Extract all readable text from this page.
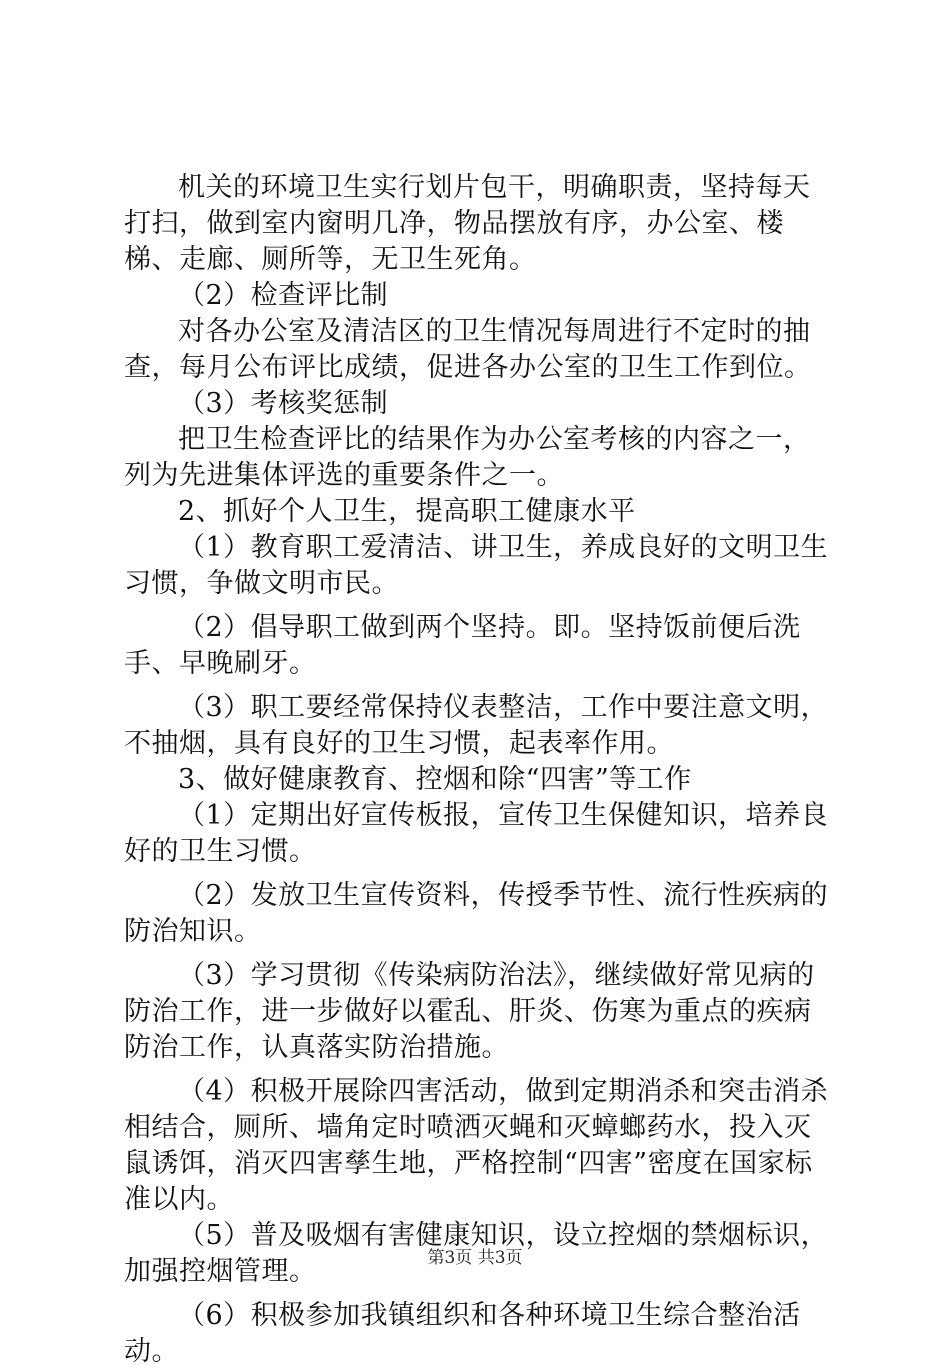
机关的环境卫生实行划片包干，明确职责，坚持每天打扫，做到室内窗明几净，物品摆放有序，办公室、楼梯、走廊、厕所等，无卫生死角。

（2）检查评比制

对各办公室及清洁区的卫生情况每周进行不定时的抽查，每月公布评比成绩，促进各办公室的卫生工作到位。

（3）考核奖惩制

把卫生检查评比的结果作为办公室考核的内容之一，列为先进集体评选的重要条件之一。

2、抓好个人卫生，提高职工健康水平

（1）教育职工爱清洁、讲卫生，养成良好的文明卫生习惯，争做文明市民。

（2）倡导职工做到两个坚持。即。坚持饭前便后洗手、早晚刷牙。

（3）职工要经常保持仪表整洁，工作中要注意文明，不抽烟，具有良好的卫生习惯，起表率作用。

3、做好健康教育、控烟和除“四害”等工作

（1）定期出好宣传板报，宣传卫生保健知识，培养良好的卫生习惯。

（2）发放卫生宣传资料，传授季节性、流行性疾病的防治知识。

（3）学习贯彻《传染病防治法》，继续做好常见病的防治工作，进一步做好以霍乱、肝炎、伤寒为重点的疾病防治工作，认真落实防治措施。

（4）积极开展除四害活动，做到定期消杀和突击消杀相结合，厕所、墙角定时喷洒灭蝇和灭蟑螂药水，投入灭鼠诱饵，消灭四害孳生地，严格控制“四害”密度在国家标准以内。

（5）普及吸烟有害健康知识，设立控烟的禁烟标识，加强控烟管理。

（6）积极参加我镇组织和各种环境卫生综合整治活动。

第3页 共3页
